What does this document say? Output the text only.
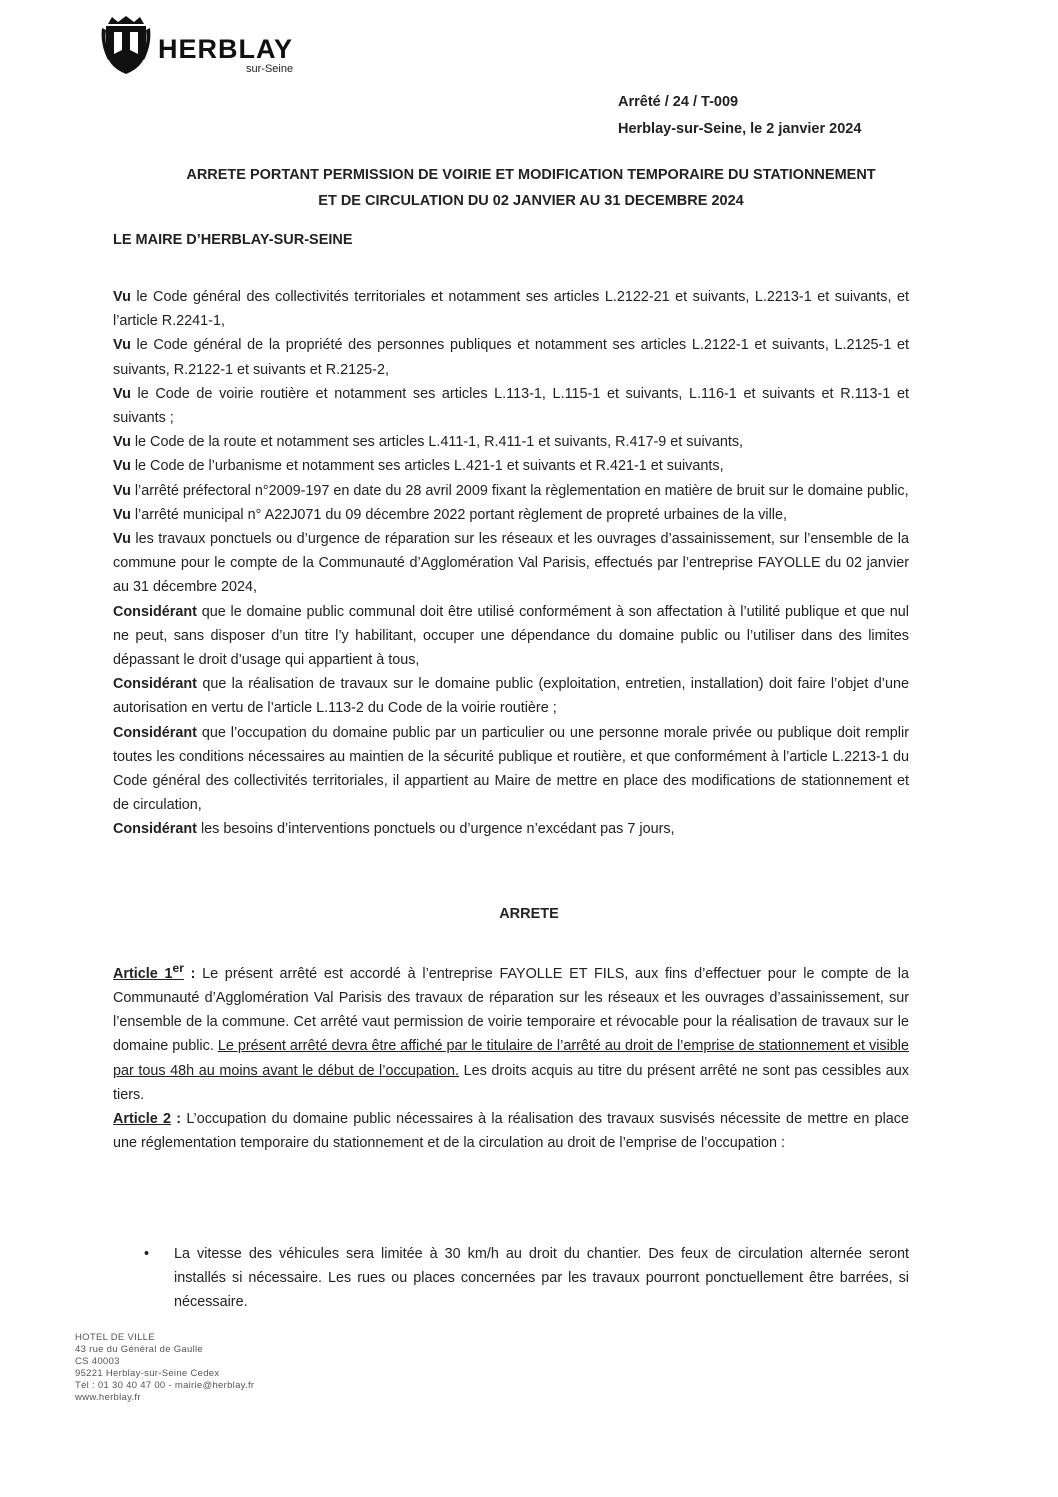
HERBLAY
sur-Seine
Arrêté / 24 / T-009
Herblay-sur-Seine, le 2 janvier 2024
ARRETE PORTANT PERMISSION DE VOIRIE ET MODIFICATION TEMPORAIRE DU STATIONNEMENT
ET DE CIRCULATION DU 02 JANVIER AU 31 DECEMBRE 2024
LE MAIRE D’HERBLAY-SUR-SEINE

Vu le Code général des collectivités territoriales et notamment ses articles L.2122-21 et suivants, L.2213-1 et suivants, et l’article R.2241-1,

Vu le Code général de la propriété des personnes publiques et notamment ses articles L.2122-1 et suivants, L.2125-1 et suivants, R.2122-1 et suivants et R.2125-2,

Vu le Code de voirie routière et notamment ses articles L.113-1, L.115-1 et suivants, L.116-1 et suivants et R.113-1 et suivants ;

Vu le Code de la route et notamment ses articles L.411-1, R.411-1 et suivants, R.417-9 et suivants,

Vu le Code de l’urbanisme et notamment ses articles L.421-1 et suivants et R.421-1 et suivants,

Vu l’arrêté préfectoral n°2009-197 en date du 28 avril 2009 fixant la règlementation en matière de bruit sur le domaine public,

Vu l’arrêté municipal n° A22J071 du 09 décembre 2022 portant règlement de propreté urbaines de la ville,

Vu les travaux ponctuels ou d’urgence de réparation sur les réseaux et les ouvrages d’assainissement, sur l’ensemble de la commune pour le compte de la Communauté d’Agglomération Val Parisis, effectués par l’entreprise FAYOLLE du 02 janvier au 31 décembre 2024,

Considérant que le domaine public communal doit être utilisé conformément à son affectation à l’utilité publique et que nul ne peut, sans disposer d’un titre l’y habilitant, occuper une dépendance du domaine public ou l’utiliser dans des limites dépassant le droit d’usage qui appartient à tous,

Considérant que la réalisation de travaux sur le domaine public (exploitation, entretien, installation) doit faire l’objet d’une autorisation en vertu de l’article L.113-2 du Code de la voirie routière ;

Considérant que l’occupation du domaine public par un particulier ou une personne morale privée ou publique doit remplir toutes les conditions nécessaires au maintien de la sécurité publique et routière, et que conformément à l’article L.2213-1 du Code général des collectivités territoriales, il appartient au Maire de mettre en place des modifications de stationnement et de circulation,

Considérant les besoins d’interventions ponctuels ou d’urgence n’excédant pas 7 jours,

ARRETE

Article 1er : Le présent arrêté est accordé à l’entreprise FAYOLLE ET FILS, aux fins d’effectuer pour le compte de la Communauté d’Agglomération Val Parisis des travaux de réparation sur les réseaux et les ouvrages d’assainissement, sur l’ensemble de la commune. Cet arrêté vaut permission de voirie temporaire et révocable pour la réalisation de travaux sur le domaine public. Le présent arrêté devra être affiché par le titulaire de l’arrêté au droit de l’emprise de stationnement et visible par tous 48h au moins avant le début de l’occupation. Les droits acquis au titre du présent arrêté ne sont pas cessibles aux tiers.

Article 2 : L’occupation du domaine public nécessaires à la réalisation des travaux susvisés nécessite de mettre en place une réglementation temporaire du stationnement et de la circulation au droit de l’emprise de l’occupation :

• La vitesse des véhicules sera limitée à 30 km/h au droit du chantier. Des feux de circulation alternée seront installés si nécessaire. Les rues ou places concernées par les travaux pourront ponctuellement être barrées, si nécessaire.
HOTEL DE VILLE
43 rue du Général de Gaulle
CS 40003
95221 Herblay-sur-Seine Cedex
Tél : 01 30 40 47 00 - mairie@herblay.fr
www.herblay.fr
